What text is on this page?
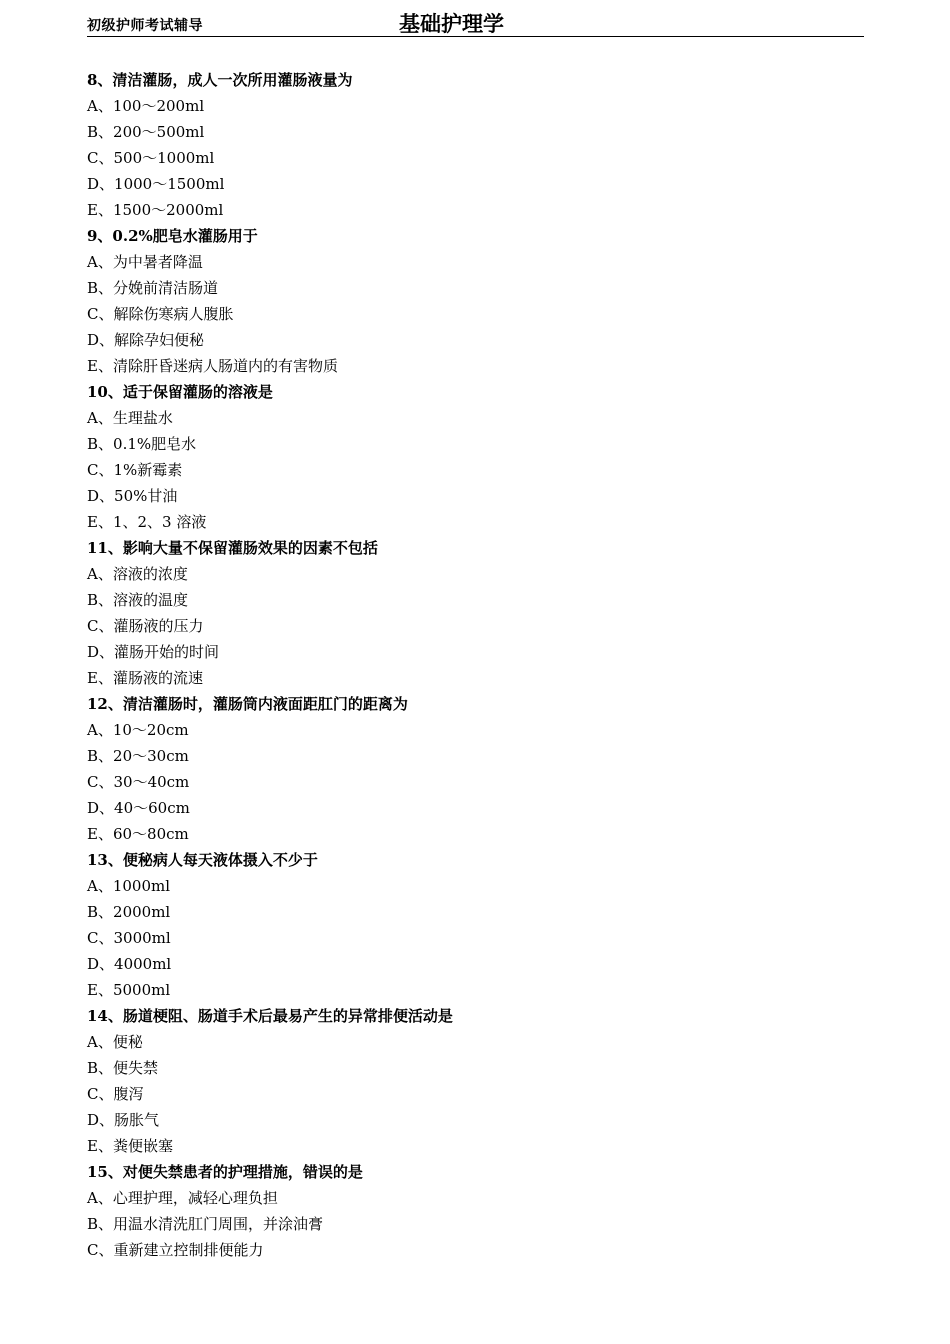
初级护师考试辅导	基础护理学
8、清洁灌肠，成人一次所用灌肠液量为
A、100～200ml
B、200～500ml
C、500～1000ml
D、1000～1500ml
E、1500～2000ml
9、0.2%肥皂水灌肠用于
A、为中暑者降温
B、分娩前清洁肠道
C、解除伤寒病人腹胀
D、解除孕妇便秘
E、清除肝昏迷病人肠道内的有害物质
10、适于保留灌肠的溶液是
A、生理盐水
B、0.1%肥皂水
C、1%新霉素
D、50%甘油
E、1、2、3 溶液
11、影响大量不保留灌肠效果的因素不包括
A、溶液的浓度
B、溶液的温度
C、灌肠液的压力
D、灌肠开始的时间
E、灌肠液的流速
12、清洁灌肠时，灌肠筒内液面距肛门的距离为
A、10～20cm
B、20～30cm
C、30～40cm
D、40～60cm
E、60～80cm
13、便秘病人每天液体摄入不少于
A、1000ml
B、2000ml
C、3000ml
D、4000ml
E、5000ml
14、肠道梗阻、肠道手术后最易产生的异常排便活动是
A、便秘
B、便失禁
C、腹泻
D、肠胀气
E、粪便嵌塞
15、对便失禁患者的护理措施，错误的是
A、心理护理，减轻心理负担
B、用温水清洗肛门周围，并涂油膏
C、重新建立控制排便能力
